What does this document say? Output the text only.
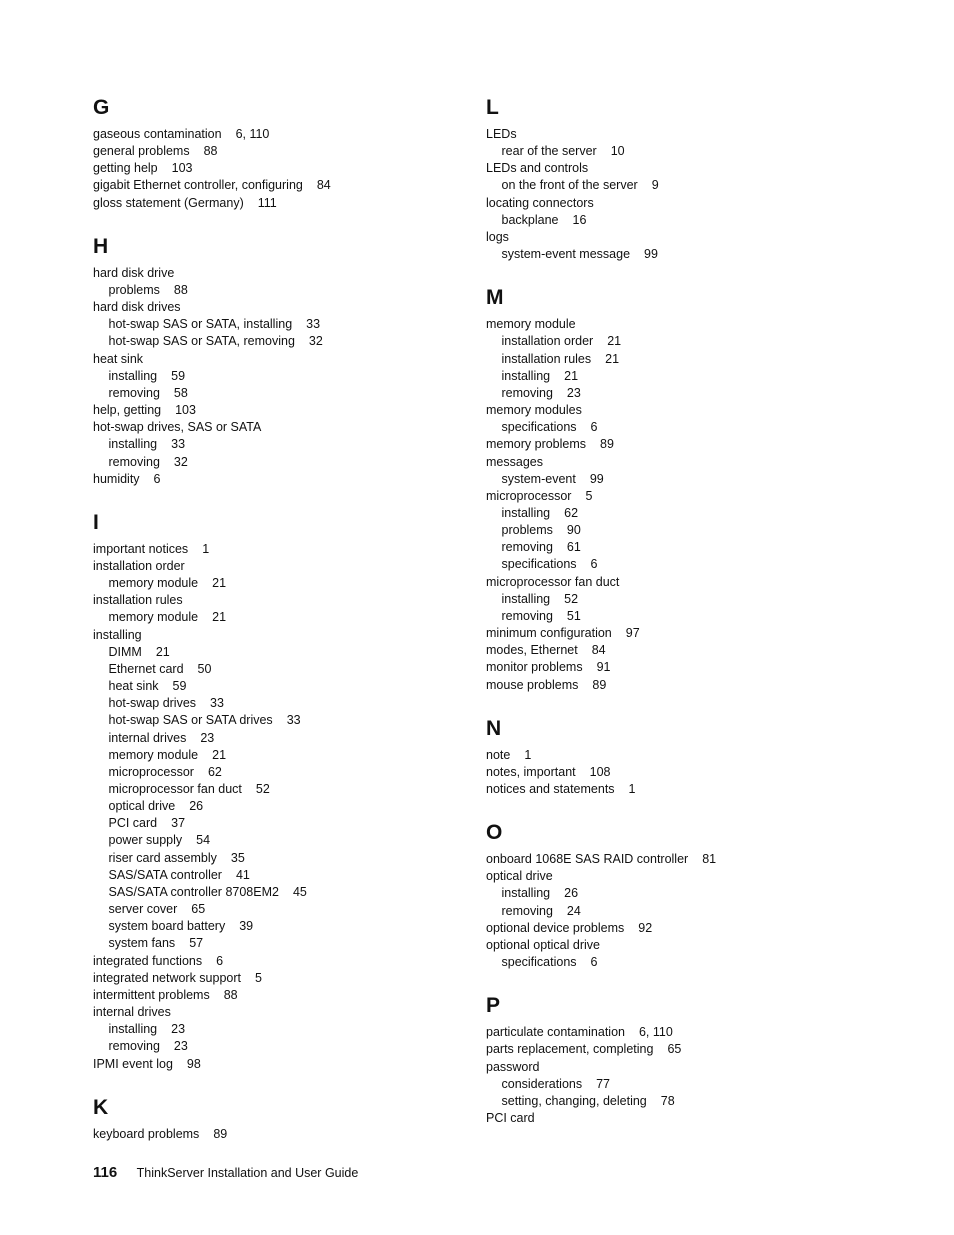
G
gaseous contamination 6, 110
general problems 88
getting help 103
gigabit Ethernet controller, configuring 84
gloss statement (Germany) 111
H
hard disk drive
problems 88
hard disk drives
hot-swap SAS or SATA, installing 33
hot-swap SAS or SATA, removing 32
heat sink
installing 59
removing 58
help, getting 103
hot-swap drives, SAS or SATA
installing 33
removing 32
humidity 6
I
important notices 1
installation order
memory module 21
installation rules
memory module 21
installing
DIMM 21
Ethernet card 50
heat sink 59
hot-swap drives 33
hot-swap SAS or SATA drives 33
internal drives 23
memory module 21
microprocessor 62
microprocessor fan duct 52
optical drive 26
PCI card 37
power supply 54
riser card assembly 35
SAS/SATA controller 41
SAS/SATA controller 8708EM2 45
server cover 65
system board battery 39
system fans 57
integrated functions 6
integrated network support 5
intermittent problems 88
internal drives
installing 23
removing 23
IPMI event log 98
K
keyboard problems 89
L
LEDs
rear of the server 10
LEDs and controls
on the front of the server 9
locating connectors
backplane 16
logs
system-event message 99
M
memory module
installation order 21
installation rules 21
installing 21
removing 23
memory modules
specifications 6
memory problems 89
messages
system-event 99
microprocessor 5
installing 62
problems 90
removing 61
specifications 6
microprocessor fan duct
installing 52
removing 51
minimum configuration 97
modes, Ethernet 84
monitor problems 91
mouse problems 89
N
note 1
notes, important 108
notices and statements 1
O
onboard 1068E SAS RAID controller 81
optical drive
installing 26
removing 24
optional device problems 92
optional optical drive
specifications 6
P
particulate contamination 6, 110
parts replacement, completing 65
password
considerations 77
setting, changing, deleting 78
PCI card
116 ThinkServer Installation and User Guide
